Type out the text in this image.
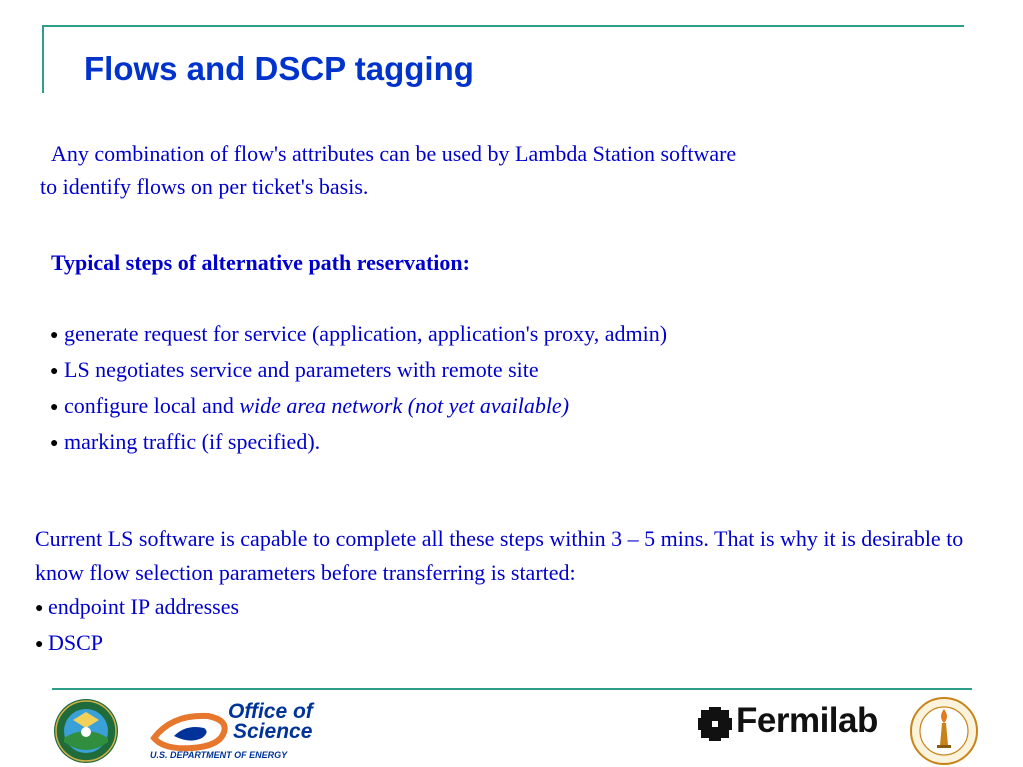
Flows and DSCP tagging
Any combination of flow's attributes can be used by Lambda Station software
to identify flows on per ticket's basis.
Typical steps of alternative path reservation:
● generate request for service (application, application's proxy, admin)
● LS negotiates service and parameters with remote site
● configure local and wide area network (not yet available)
● marking traffic (if specified).
Current LS software is capable to complete all these steps within 3 – 5 mins. That is why it is desirable to know flow selection parameters before transferring is started:
● endpoint IP addresses
● DSCP
Office of
Science
U.S. DEPARTMENT OF ENERGY
Fermilab
